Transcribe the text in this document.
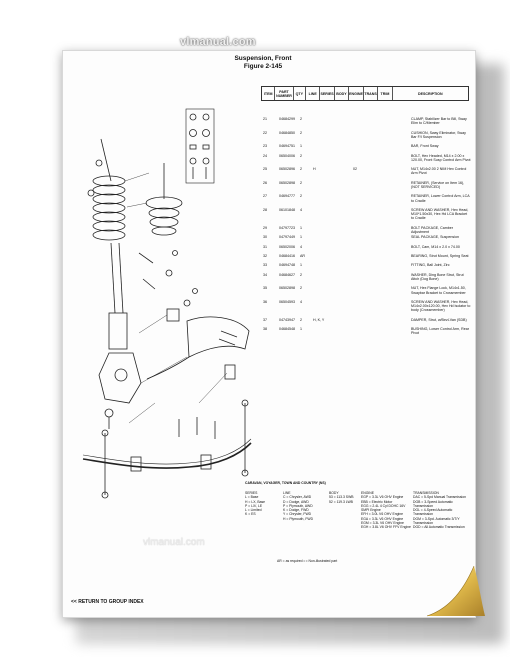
Suspension, Front
Figure 2-145
ITEM	PART NUMBER	QTY	LINE	SERIES BODY ENGINE TRANS	TRIM	DESCRIPTION
21	04684299 2	CLAMP, Stabilizer Bar to Bill, Sway Elim to C/Member
22	04684850 2	CUSHION, Sway Eliminator, Sway Bar F/I Suspension
23	04694751 1	BAR, Front Sway
24	06504006 2	BOLT, Hex Headed, M14 x 2.00 x 120.00, Front Susp Control Arm Pivot
25	06502896 2	H	02	NUT, M14x2.00 2 NIM Hex Control Arm Pivot
26	06502898 2	RETAINER, (Service on Item 16), (NOT SERVICED)
27	04694777 2	RETAINER, Lower Control Arm, LCA to Cradle
28	06101848 4	SCREW AND WASHER, Hex Head, M10*1.50x30, Hex Hd LCA Bracket to Cradle
29	04797723 1	BOLT PACKAGE, Camber Adjustment
30	04797449 1	SEAL PACKAGE, Suspension
31	06502006 4	BOLT, Cam, M14 x 2.0 x 74.00
32	04684416 AR	BEARING, Strut Mount, Spring Seat
33	04694748 1	FITTING, Ball Joint, Zirc
34	04684627 2	WASHER, Ding Bone Strut, Strut Attch (Dog Bone)
35	06502898 2	NUT, Hex Flange Lock, M14x1.50, Swaybar Bracket to Crossmember
36	06504593 4	SCREW AND WASHER, Hex Head, M14x2.00x120.00, Hex Hd Isolator to body (Crossmember)
37	04743947 2	H, K, Y	DAMPER, Strut, w/Bezl-Van (SDB)
38	04684548 1	BUSHING, Lower Control Arm, Rear Pivot
CARAVAN, VOYAGER, TOWN AND COUNTRY (NS)
SERIES
L = Base
H = LX, Base
P = LX/, LE
L = Limited
K = ES
LINE
C = Chrysler, AWD
D = Dodge, AWD
P = Plymouth, AWD
K = Dodge, FWD
Y = Chrysler, FWD
H = Plymouth, FWD
BODY
53 = 113.3 SWB
52 = 119.3 LWB
ENGINE
EGP = 3.3L V6 OHV Engine
EBB = Electric Motor
EGG = 2.4L 4 Cyl DOHC 16V SMPI Engine
EFH = 3.0L V6 OHV Engine
EGA = 3.3L V6 OHV Engine
EGM = 3.3L V6 OHV Engine
EGH = 3.8L V6 OHV FFV Engine
TRANSMISSION
DAC = 5-Spd Manual Transmission
DGB = 3-Speed Automatic Transmission
DGL = 4-Speed Automatic Transmission
DGM = 3-Spd. Automatic 3/T/Y Transmission
DGD = All Automatic Transmission
AR = as required • = Non-illustrated part
vlmanual.com
<< RETURN TO GROUP INDEX
vlmanual.com
